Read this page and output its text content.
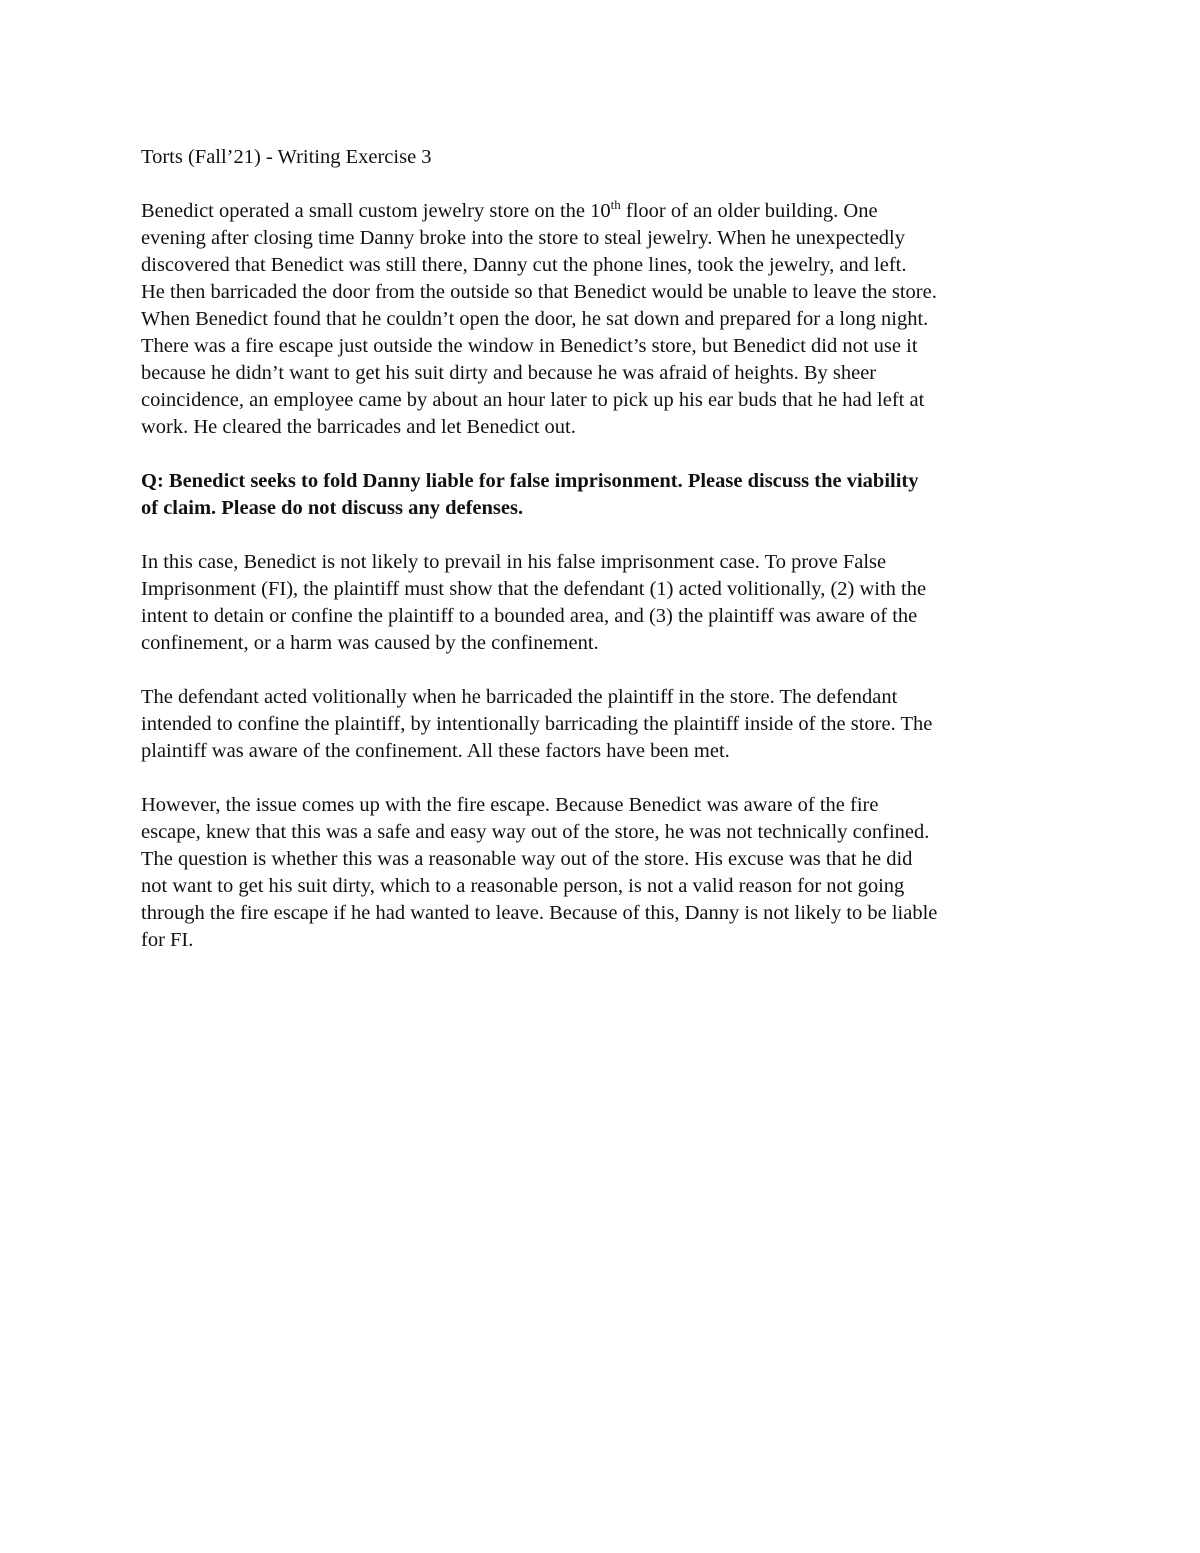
Torts (Fall’21) - Writing Exercise 3
Benedict operated a small custom jewelry store on the 10th floor of an older building. One
evening after closing time Danny broke into the store to steal jewelry. When he unexpectedly
discovered that Benedict was still there, Danny cut the phone lines, took the jewelry, and left.
He then barricaded the door from the outside so that Benedict would be unable to leave the store.
When Benedict found that he couldn’t open the door, he sat down and prepared for a long night.
There was a fire escape just outside the window in Benedict’s store, but Benedict did not use it
because he didn’t want to get his suit dirty and because he was afraid of heights. By sheer
coincidence, an employee came by about an hour later to pick up his ear buds that he had left at
work. He cleared the barricades and let Benedict out.
Q: Benedict seeks to fold Danny liable for false imprisonment. Please discuss the viability
of claim. Please do not discuss any defenses.
In this case, Benedict is not likely to prevail in his false imprisonment case. To prove False
Imprisonment (FI), the plaintiff must show that the defendant (1) acted volitionally, (2) with the
intent to detain or confine the plaintiff to a bounded area, and (3) the plaintiff was aware of the
confinement, or a harm was caused by the confinement.
The defendant acted volitionally when he barricaded the plaintiff in the store. The defendant
intended to confine the plaintiff, by intentionally barricading the plaintiff inside of the store. The
plaintiff was aware of the confinement. All these factors have been met.
However, the issue comes up with the fire escape. Because Benedict was aware of the fire
escape, knew that this was a safe and easy way out of the store, he was not technically confined.
The question is whether this was a reasonable way out of the store. His excuse was that he did
not want to get his suit dirty, which to a reasonable person, is not a valid reason for not going
through the fire escape if he had wanted to leave. Because of this, Danny is not likely to be liable
for FI.
